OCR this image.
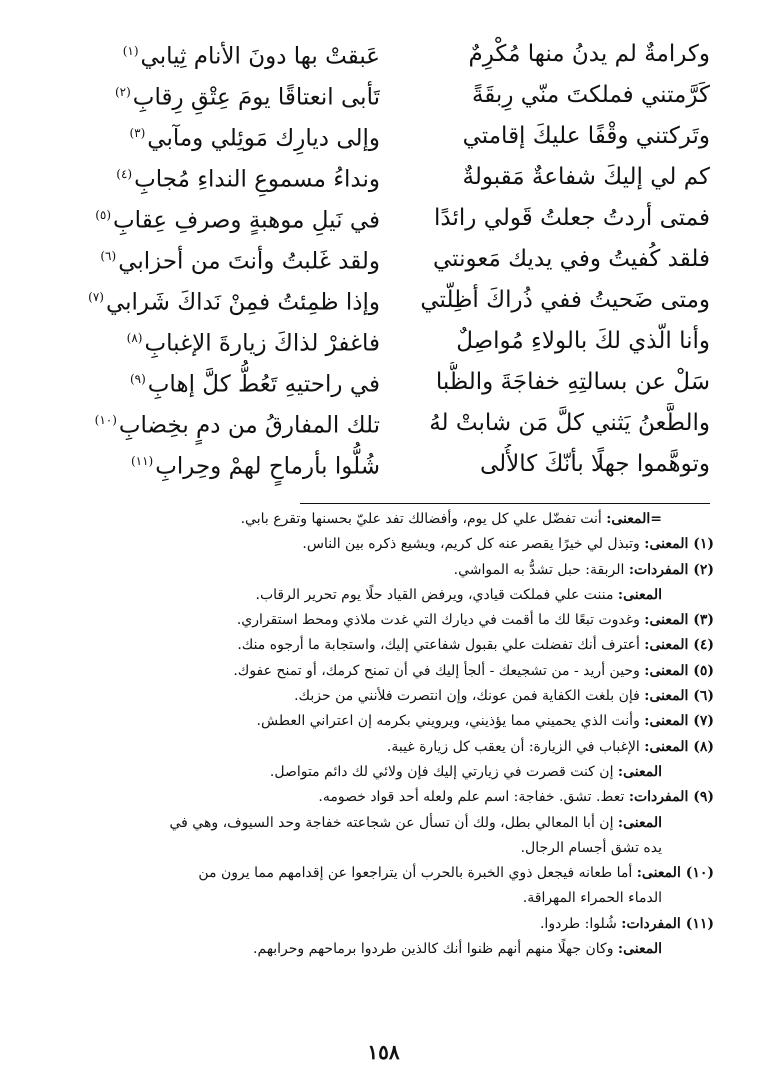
وكرامةٌ لم يدنُ منها مُكْرِمٌ
عَبقتْ بها دونَ الأنام ثِيابي$^{(١)}$
كَرَّمتني فملكتَ منّي رِبقَةً
تَأبى انعتاقًا يومَ عِتْقِ رِقابِ$^{(٢)}$
وتَركتني وقْفًا عليكَ إقامتي
وإلى ديارِك مَوئِلي ومآبي$^{(٣)}$
كم لي إليكَ شفاعةٌ مَقبولةٌ
ونداءُ مسموعِ النداءِ مُجابِ$^{(٤)}$
فمتى أردتُ جعلتُ قَولي رائدًا
في نَيلِ موهبةٍ وصرفِ عِقابِ$^{(٥)}$
فلقد كُفيتُ وفي يديك مَعونتي
ولقد غَلبتُ وأنتَ من أحزابي$^{(٦)}$
ومتى ضَحيتُ ففي ذُراكَ أظِلّتي
وإذا ظمِئتُ فمِنْ نَداكَ شَرابي$^{(٧)}$
وأنا الّذي لكَ بالولاءِ مُواصِلٌ
فاغفرْ لذاكَ زيارةَ الإغبابِ$^{(٨)}$
سَلْ عن بسالتِهِ خفاجَةَ والظُّبا
في راحتيهِ تَعُطُّ كلَّ إهابِ$^{(٩)}$
والطَّعنُ يَثني كلَّ مَن شابتْ لهُ
تلك المفارقُ من دمٍ بخِضابِ$^{(١٠)}$
وتوهَّموا جهلًا بأنّكَ كالأُلى
شُلُّوا بأرماحٍ لهمْ وحِرابِ$^{(١١)}$
=المعنى: أنت تفضّل علي كل يوم، وأفضالك تفد عليّ بحسنها وتقرع بابي.
(١) المعنى: وتبذل لي خيرًا يقصر عنه كل كريم، ويشيع ذكره بين الناس.
(٢) المفردات: الربقة: حبل تشدُّ به المواشي.
المعنى: مننت علي فملكت قيادي، ويرفض القياد حلًا يوم تحرير الرقاب.
(٣) المعنى: وغدوت تبعًا لك ما أقمت في ديارك التي غدت ملاذي ومحط استقراري.
(٤) المعنى: أعترف أنك تفضلت علي بقبول شفاعتي إليك، واستجابة ما أرجوه منك.
(٥) المعنى: وحين أريد - من تشجيعك - ألجأ إليك في أن تمنح كرمك، أو تمنح عفوك.
(٦) المعنى: فإن بلغت الكفاية فمن عونك، وإن انتصرت فلأنني من حزبك.
(٧) المعنى: وأنت الذي يحميني مما يؤذيني، ويرويني بكرمه إن اعتراني العطش.
(٨) المعنى: الإغباب في الزيارة: أن يعقب كل زيارة غيبة.
المعنى: إن كنت قصرت في زيارتي إليك فإن ولائي لك دائم متواصل.
(٩) المفردات: تعط. تشق. خفاجة: اسم علم ولعله أحد قواد خصومه.
المعنى: إن أبا المعالي بطل، ولك أن تسأل عن شجاعته خفاجة وحد السيوف، وهي في
يده تشق أجسام الرجال.
(١٠) المعنى: أما طعانه فيجعل ذوي الخبرة بالحرب أن يتراجعوا عن إقدامهم مما يرون من
الدماء الحمراء المهراقة.
(١١) المفردات: شُلوا: طردوا.
المعنى: وكان جهلًا منهم أنهم ظنوا أنك كالذين طردوا برماحهم وحرابهم.
١٥٨
